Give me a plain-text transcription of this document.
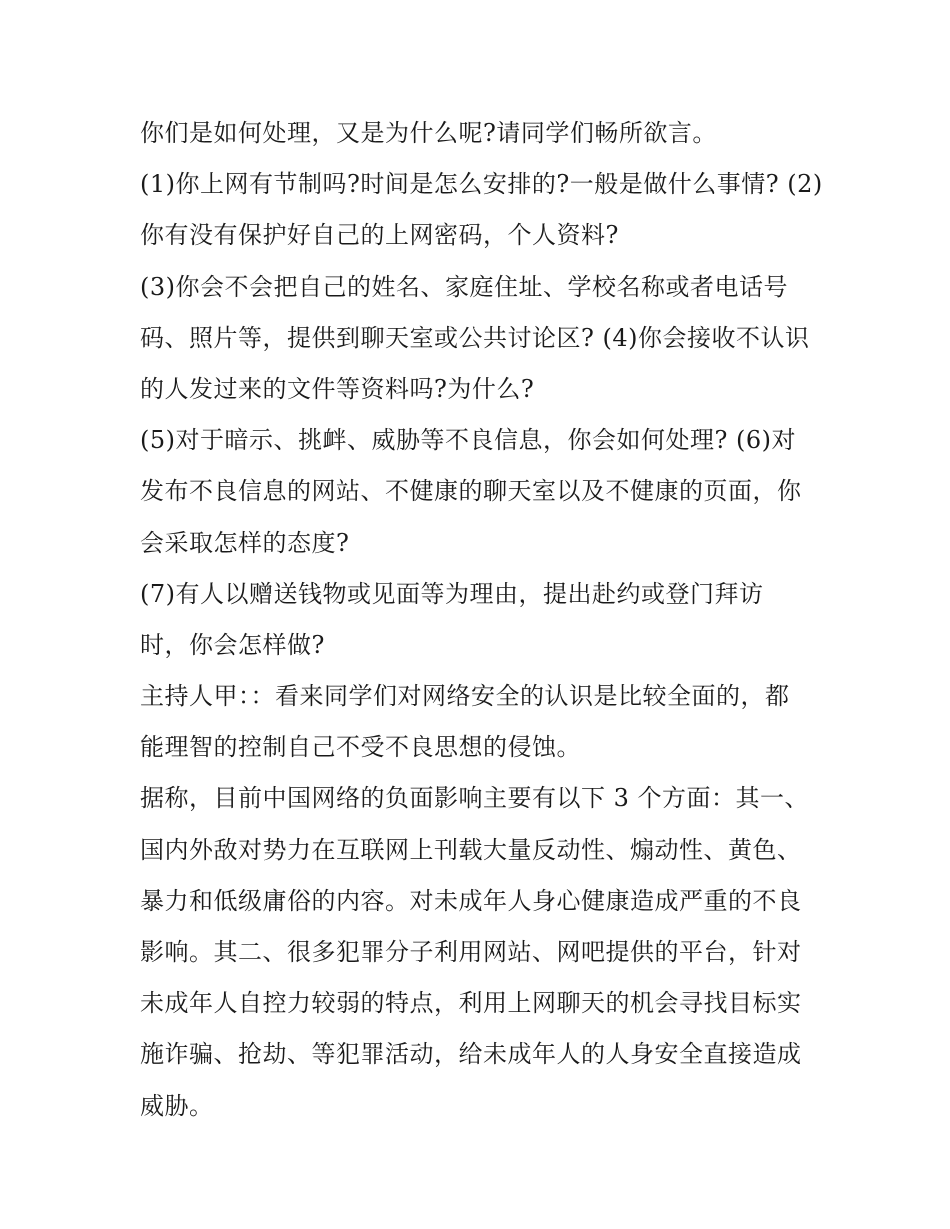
你们是如何处理，又是为什么呢?请同学们畅所欲言。
(1)你上网有节制吗?时间是怎么安排的?一般是做什么事情? (2)
你有没有保护好自己的上网密码，个人资料?
(3)你会不会把自己的姓名、家庭住址、学校名称或者电话号
码、照片等，提供到聊天室或公共讨论区? (4)你会接收不认识
的人发过来的文件等资料吗?为什么?
(5)对于暗示、挑衅、威胁等不良信息，你会如何处理? (6)对
发布不良信息的网站、不健康的聊天室以及不健康的页面，你
会采取怎样的态度?
(7)有人以赠送钱物或见面等为理由，提出赴约或登门拜访
时，你会怎样做?
主持人甲：：看来同学们对网络安全的认识是比较全面的，都
能理智的控制自己不受不良思想的侵蚀。
据称，目前中国网络的负面影响主要有以下 3 个方面：其一、
国内外敌对势力在互联网上刊载大量反动性、煽动性、黄色、
暴力和低级庸俗的内容。对未成年人身心健康造成严重的不良
影响。其二、很多犯罪分子利用网站、网吧提供的平台，针对
未成年人自控力较弱的特点，利用上网聊天的机会寻找目标实
施诈骗、抢劫、等犯罪活动，给未成年人的人身安全直接造成
威胁。
